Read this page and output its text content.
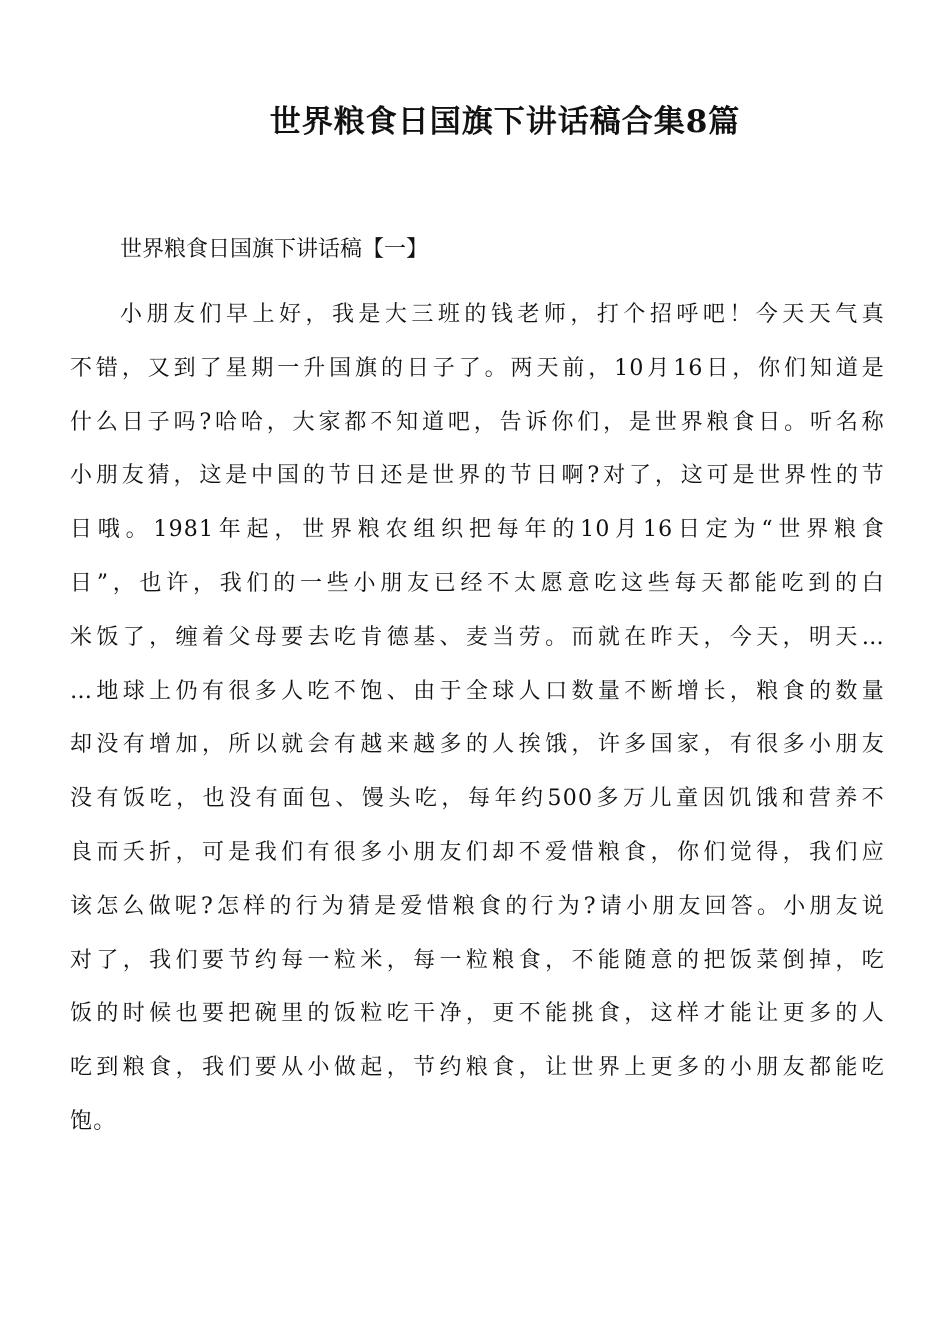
世界粮食日国旗下讲话稿合集8篇

世界粮食日国旗下讲话稿【一】

小朋友们早上好，我是大三班的钱老师，打个招呼吧！今天天气真
不错，又到了星期一升国旗的日子了。两天前，10月16日，你们知道是
什么日子吗?哈哈，大家都不知道吧，告诉你们，是世界粮食日。听名称
小朋友猜，这是中国的节日还是世界的节日啊?对了，这可是世界性的节
日哦。1981年起，世界粮农组织把每年的10月16日定为“世界粮食
日”，也许，我们的一些小朋友已经不太愿意吃这些每天都能吃到的白
米饭了，缠着父母要去吃肯德基、麦当劳。而就在昨天，今天，明天…
…地球上仍有很多人吃不饱、由于全球人口数量不断增长，粮食的数量
却没有增加，所以就会有越来越多的人挨饿，许多国家，有很多小朋友
没有饭吃，也没有面包、馒头吃，每年约500多万儿童因饥饿和营养不
良而夭折，可是我们有很多小朋友们却不爱惜粮食，你们觉得，我们应
该怎么做呢?怎样的行为猜是爱惜粮食的行为?请小朋友回答。小朋友说
对了，我们要节约每一粒米，每一粒粮食，不能随意的把饭菜倒掉，吃
饭的时候也要把碗里的饭粒吃干净，更不能挑食，这样才能让更多的人
吃到粮食，我们要从小做起，节约粮食，让世界上更多的小朋友都能吃
饱。
